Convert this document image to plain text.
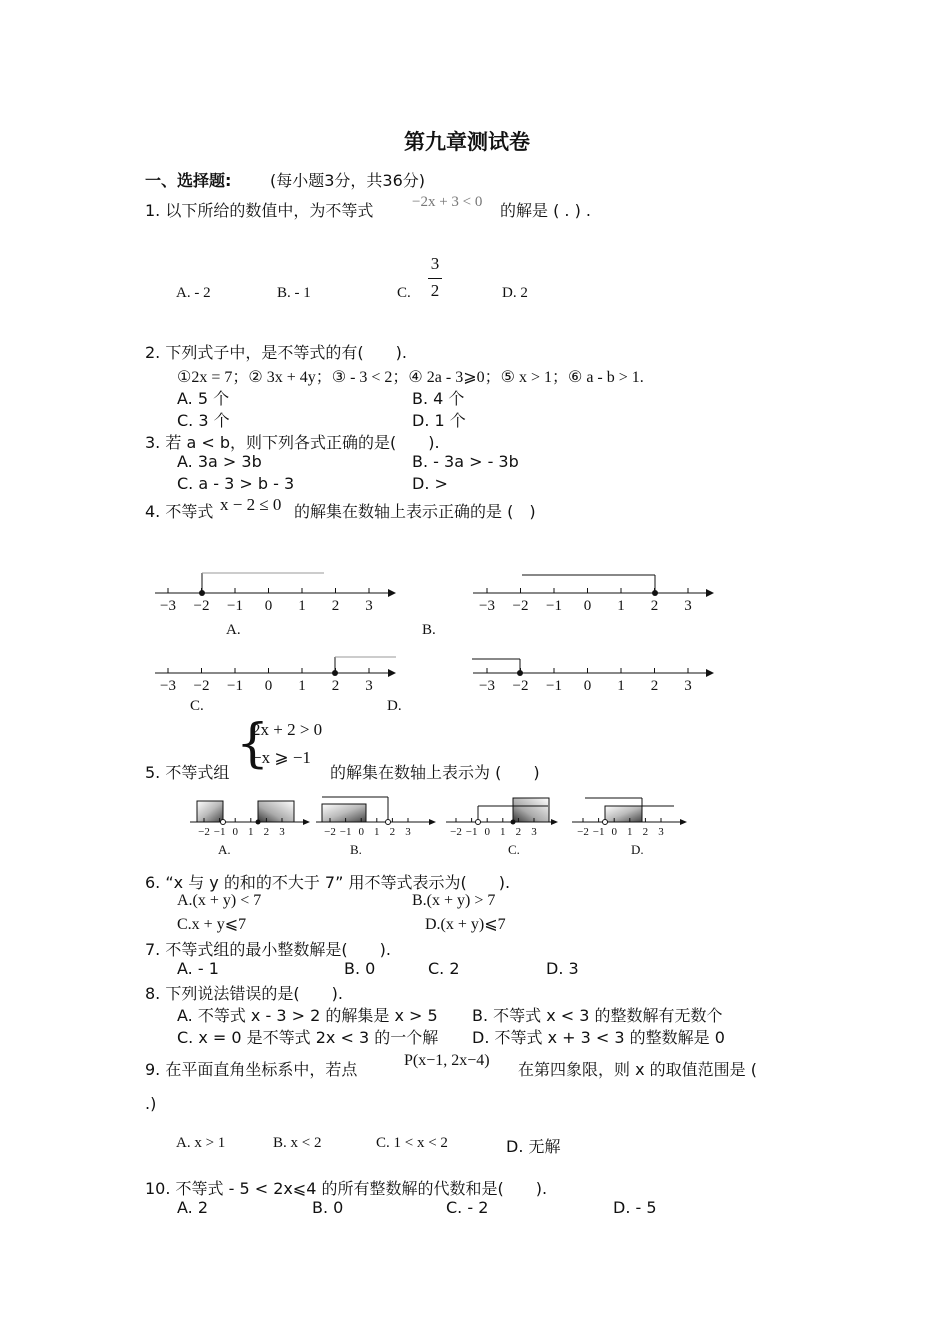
第九章测试卷
一、选择题: (每小题3分，共36分)
1. 以下所给的数值中，为不等式	−2x + 3 < 0 的解是 ( . ) .
A. - 2	B. - 1	C.
3
2	D. 2
2. 下列式子中，是不等式的有(　　).
①2x = 7；② 3x + 4y；③ - 3 < 2；④ 2a - 3⩾0；⑤ x > 1；⑥ a - b > 1.
A. 5 个	B. 4 个
C. 3 个	D. 1 个
3. 若 a < b，则下列各式正确的是(　　).
A. 3a > 3b	B. - 3a > - 3b
C. a - 3 > b - 3	D. >
4. 不等式 x − 2 ≤ 0 的解集在数轴上表示正确的是 (　)
−3 −2 −1 0 1 2 3	−3 −2 −1 0 1 2 3
−3 −2 −1 0 1 2 3	−3 −2 −1 0 1 2 3
A.	B.
C.	D.
5. 不等式组 {
2x + 2 > 0
−x ⩾ −1
的解集在数轴上表示为 (　　)
−2 −1 0 1 2 3	−2 −1 0 1 2 3	−2 −1 0 1 2 3	−2 −1 0 1 2 3
A.	B.	C.	D.
6. “x 与 y 的和的不大于 7” 用不等式表示为(　　).
A.(x + y) < 7	B.(x + y) > 7
C.x + y⩽7	D.(x + y)⩽7
7. 不等式组的最小整数解是(　　).
A. - 1	B. 0	C. 2	D. 3
8. 下列说法错误的是(　　).
A. 不等式 x - 3 > 2 的解集是 x > 5 B. 不等式 x < 3 的整数解有无数个
C. x = 0 是不等式 2x < 3 的一个解 D. 不等式 x + 3 < 3 的整数解是 0
9. 在平面直角坐标系中，若点	P(x−1, 2x−4) 在第四象限，则 x 的取值范围是 (
.)
A. x > 1	B. x < 2	C. 1 < x < 2	D. 无解
10. 不等式 - 5 < 2x⩽4 的所有整数解的代数和是(　　).
A. 2	B. 0	C. - 2	D. - 5
